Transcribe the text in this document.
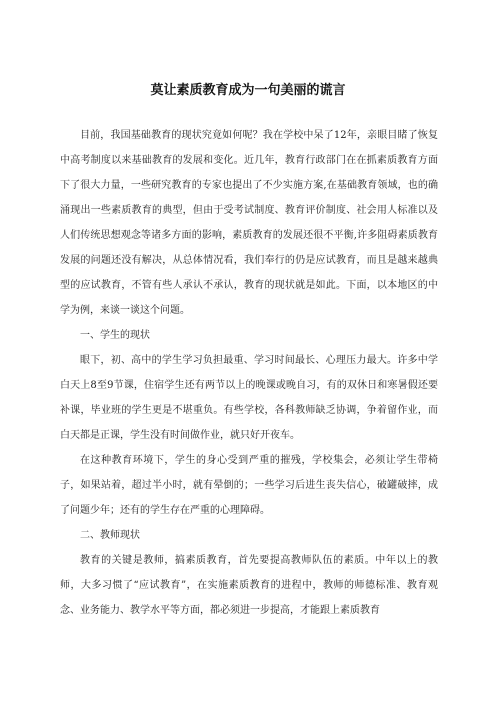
莫让素质教育成为一句美丽的谎言

目前，我国基础教育的现状究竟如何呢？我在学校中呆了12年，亲眼目睹了恢复中高考制度以来基础教育的发展和变化。近几年，教育行政部门在在抓素质教育方面下了很大力量，一些研究教育的专家也提出了不少实施方案,在基础教育领域，也的确涌现出一些素质教育的典型，但由于受考试制度、教育评价制度、社会用人标准以及人们传统思想观念等诸多方面的影响，素质教育的发展还很不平衡,许多阻碍素质教育发展的问题还没有解决，从总体情况看，我们奉行的仍是应试教育，而且是越来越典型的应试教育，不管有些人承认不承认，教育的现状就是如此。下面，以本地区的中学为例，来谈一谈这个问题。

一、学生的现状

眼下，初、高中的学生学习负担最重、学习时间最长、心理压力最大。许多中学白天上8至9节课，住宿学生还有两节以上的晚课或晚自习，有的双休日和寒暑假还要补课，毕业班的学生更是不堪重负。有些学校，各科教师缺乏协调，争着留作业，而白天都是正课，学生没有时间做作业，就只好开夜车。

在这种教育环境下，学生的身心受到严重的摧残，学校集会，必须让学生带椅子，如果站着，超过半小时，就有晕倒的；一些学习后进生丧失信心，破罐破摔，成了问题少年；还有的学生存在严重的心理障碍。

二、教师现状

教育的关键是教师，搞素质教育，首先要提高教师队伍的素质。中年以上的教师，大多习惯了“应试教育”，在实施素质教育的进程中，教师的师德标准、教育观念、业务能力、教学水平等方面，都必须进一步提高，才能跟上素质教育
